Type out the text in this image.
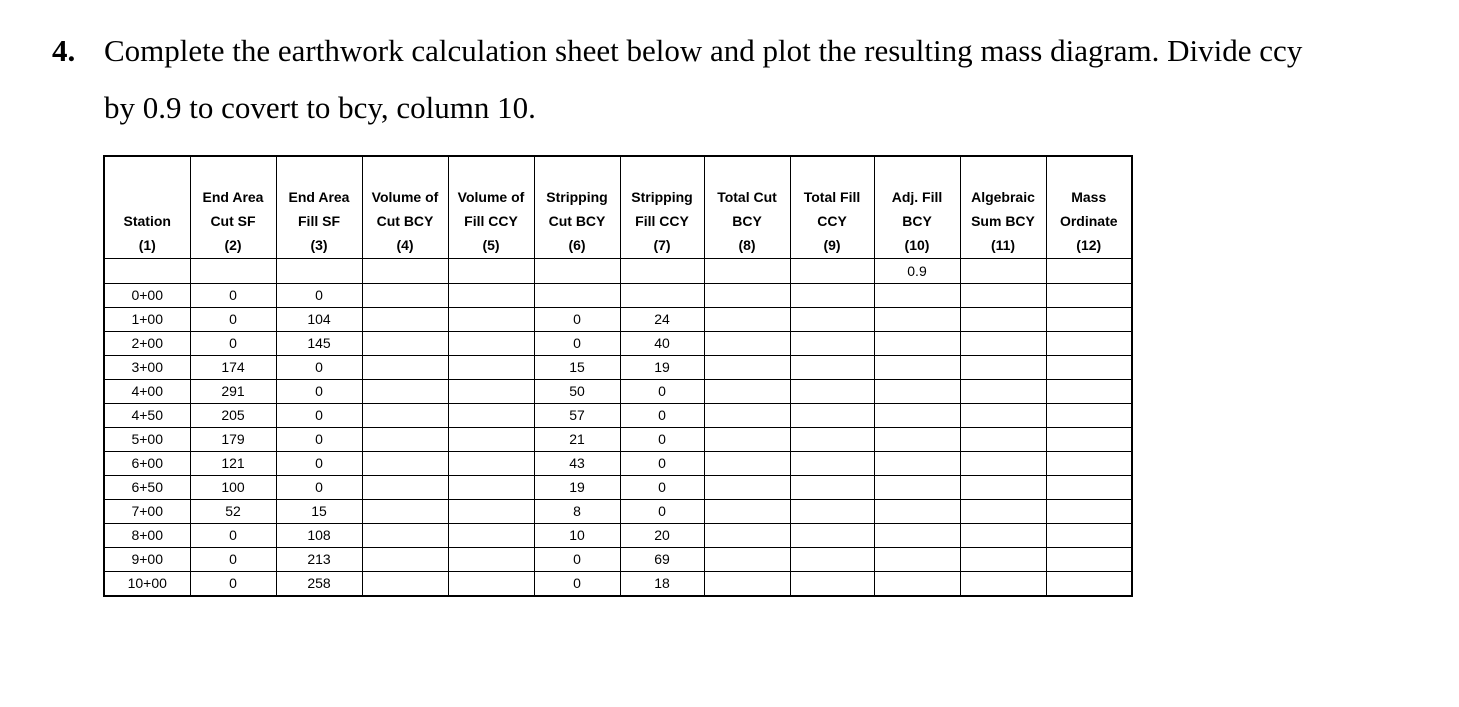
4. Complete the earthwork calculation sheet below and plot the resulting mass diagram. Divide ccy
by 0.9 to covert to bcy, column 10.

Station
(1)	End Area
Cut SF
(2)	End Area
Fill SF
(3)	Volume of
Cut BCY
(4)	Volume of
Fill CCY
(5)	Stripping
Cut BCY
(6)	Stripping
Fill CCY
(7)	Total Cut
BCY
(8)	Total Fill
CCY
(9)	Adj. Fill
BCY
(10)	Algebraic
Sum BCY
(11)	Mass
Ordinate
(12)

									0.9		
0+00	0	0									
1+00	0	104			0	24					
2+00	0	145			0	40					
3+00	174	0			15	19					
4+00	291	0			50	0					
4+50	205	0			57	0					
5+00	179	0			21	0					
6+00	121	0			43	0					
6+50	100	0			19	0					
7+00	52	15			8	0					
8+00	0	108			10	20					
9+00	0	213			0	69					
10+00	0	258			0	18					
